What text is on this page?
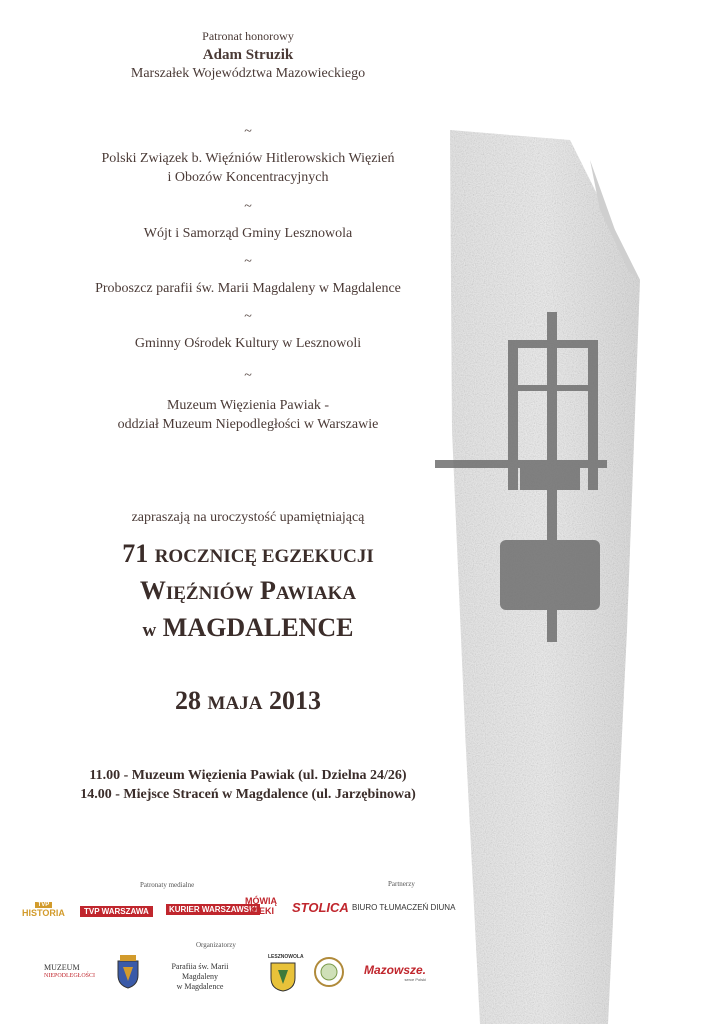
Patronat honorowy
Adam Struzik
Marszałek Województwa Mazowieckiego
~
Polski Związek b. Więźniów Hitlerowskich Więzień
i Obozów Koncentracyjnych
~
Wójt i Samorząd Gminy Lesznowola
~
Proboszcz parafii św. Marii Magdaleny w Magdalence
~
Gminny Ośrodek Kultury w Lesznowoli
~
Muzeum Więzienia Pawiak -
oddział Muzeum Niepodległości w Warszawie
zapraszają na uroczystość upamiętniającą
71 ROCZNICĘ EGZEKUCJI
WIĘŹNIÓW PAWIAKA
w MAGDALENCE
28 MAJA 2013
11.00 - Muzeum Więzienia Pawiak (ul. Dzielna 24/26)
14.00 - Miejsce Straceń w Magdalence (ul. Jarzębinowa)
Patronaty medialne	Partnerzy
TVP
HISTORIA	TVP WARSZAWA	KURIER WARSZAWSKI
MÓWIĄ WIEKI	STOLICA BIURO TŁUMACZEŃ DIUNA
Organizatorzy
MUZEUM
NIEPODLEGŁOŚCI
Parafiia św. Marii Magdaleny
w Magdalence
LESZNOWOLA
Mazowsze.
serce Polski
